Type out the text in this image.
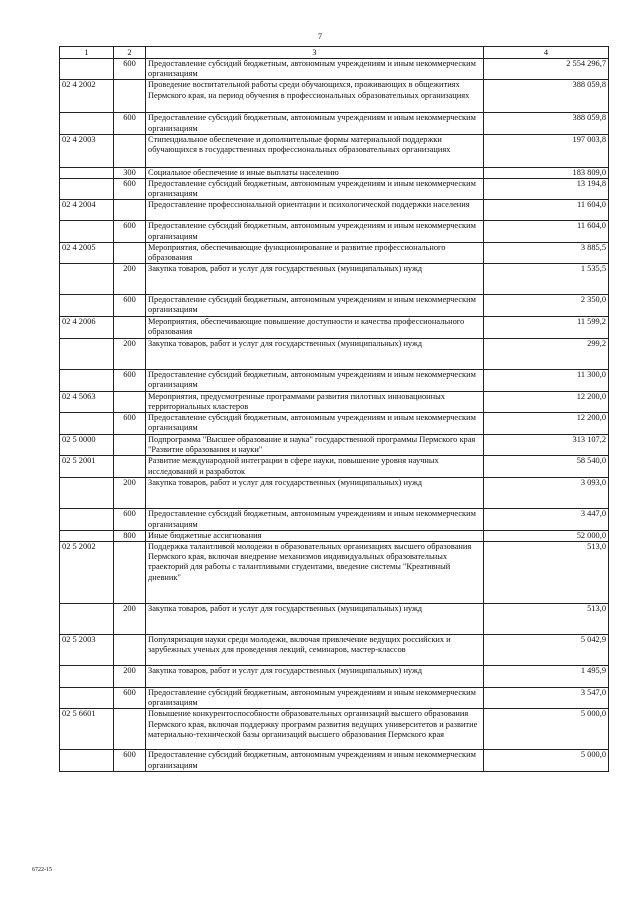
7
1	2	3	4
	600	Предоставление субсидий бюджетным, автономным учреждениям и иным некоммерческим организациям	2 554 296,7
02 4 2002		Проведение воспитательной работы среди обучающихся, проживающих в общежитиях Пермского края, на период обучения в профессиональных образовательных организациях	388 059,8
	600	Предоставление субсидий бюджетным, автономным учреждениям и иным некоммерческим организациям	388 059,8
02 4 2003		Стипендиальное обеспечение и дополнительные формы материальной поддержки обучающихся в государственных профессиональных образовательных организациях	197 003,8
	300	Социальное обеспечение и иные выплаты населению	183 809,0
	600	Предоставление субсидий бюджетным, автономным учреждениям и иным некоммерческим организациям	13 194,8
02 4 2004		Предоставление профессиональной ориентации и психологической поддержки населения	11 604,0
	600	Предоставление субсидий бюджетным, автономным учреждениям и иным некоммерческим организациям	11 604,0
02 4 2005		Мероприятия, обеспечивающие функционирование и развитие профессионального образования	3 885,5
	200	Закупка товаров, работ и услуг для государственных (муниципальных) нужд	1 535,5
	600	Предоставление субсидий бюджетным, автономным учреждениям и иным некоммерческим организациям	2 350,0
02 4 2006		Мероприятия, обеспечивающие повышение доступности и качества профессионального образования	11 599,2
	200	Закупка товаров, работ и услуг для государственных (муниципальных) нужд	299,2
	600	Предоставление субсидий бюджетным, автономным учреждениям и иным некоммерческим организациям	11 300,0
02 4 5063		Мероприятия, предусмотренные программами развития пилотных инновационных территориальных кластеров	12 200,0
	600	Предоставление субсидий бюджетным, автономным учреждениям и иным некоммерческим организациям	12 200,0
02 5 0000		Подпрограмма "Высшее образование и наука" государственной программы Пермского края "Развитие образования и науки"	313 107,2
02 5 2001		Развитие международной интеграции в сфере науки, повышение уровня научных исследований и разработок	58 540,0
	200	Закупка товаров, работ и услуг для государственных (муниципальных) нужд	3 093,0
	600	Предоставление субсидий бюджетным, автономным учреждениям и иным некоммерческим организациям	3 447,0
	800	Иные бюджетные ассигнования	52 000,0
02 5 2002		Поддержка талантливой молодежи в образовательных организациях высшего образования Пермского края, включая внедрение механизмов индивидуальных образовательных траекторий для работы с талантливыми студентами, введение системы "Креативный дневник"	513,0
	200	Закупка товаров, работ и услуг для государственных (муниципальных) нужд	513,0
02 5 2003		Популяризация науки среди молодежи, включая привлечение ведущих российских и зарубежных ученых для проведения лекций, семинаров, мастер-классов	5 042,9
	200	Закупка товаров, работ и услуг для государственных (муниципальных) нужд	1 495,9
	600	Предоставление субсидий бюджетным, автономным учреждениям и иным некоммерческим организациям	3 547,0
02 5 6601		Повышение конкурентоспособности образовательных организаций высшего образования Пермского края, включая поддержку программ развития ведущих университетов и развитие материально-технической базы организаций высшего образования Пермского края	5 000,0
	600	Предоставление субсидий бюджетным, автономным учреждениям и иным некоммерческим организациям	5 000,0
6722-15
